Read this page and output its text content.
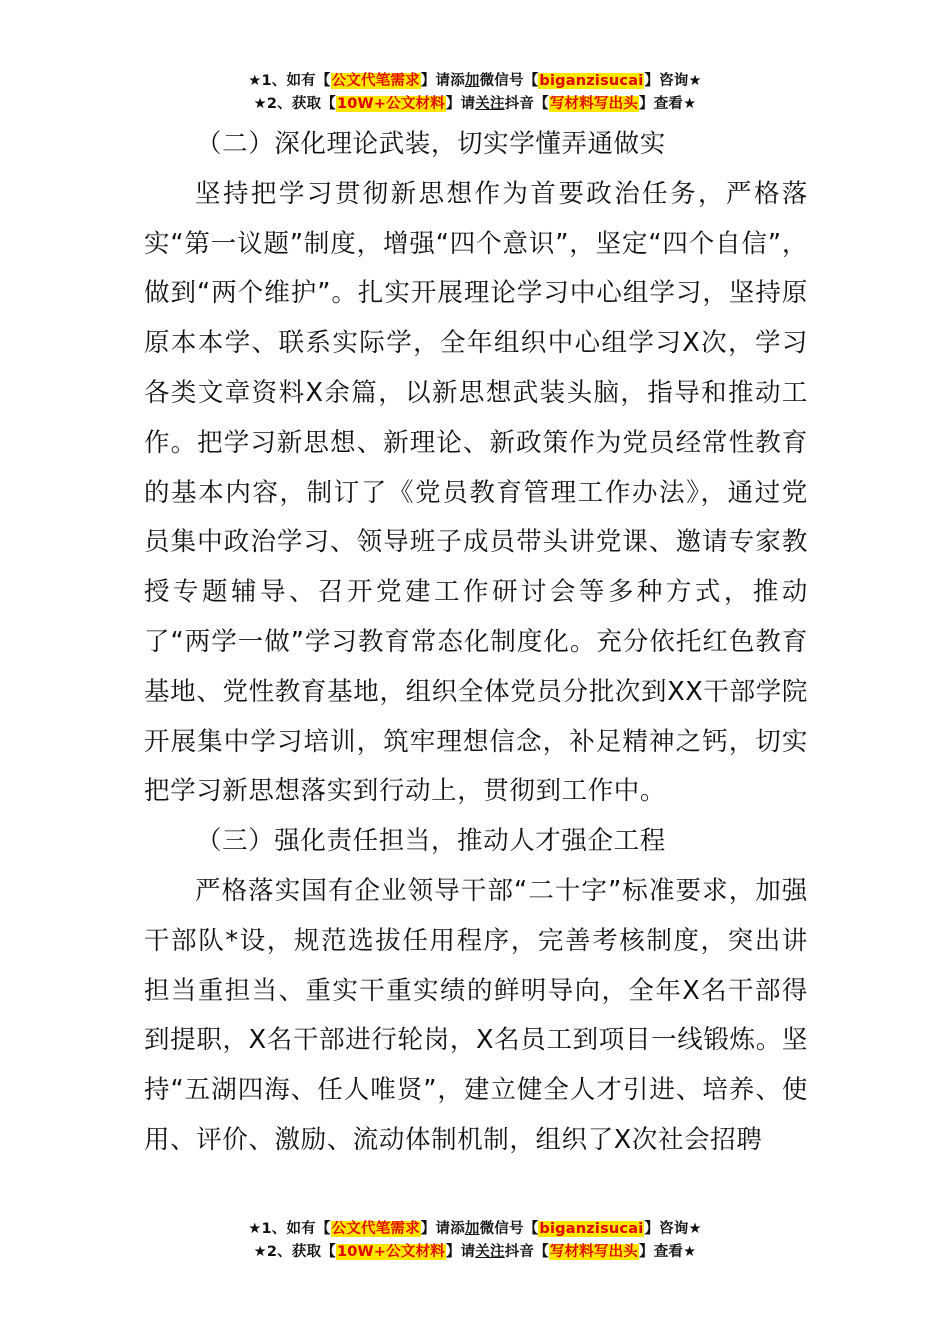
★1、如有【公文代笔需求】请添加微信号【biganzisucai】咨询★
★2、获取【10W+公文材料】请关注抖音【写材料写出头】查看★

（二）深化理论武装，切实学懂弄通做实

坚持把学习贯彻新思想作为首要政治任务，严格落实“第一议题”制度，增强“四个意识”，坚定“四个自信”，做到“两个维护”。扎实开展理论学习中心组学习，坚持原原本本学、联系实际学，全年组织中心组学习X次，学习各类文章资料X余篇，以新思想武装头脑，指导和推动工作。把学习新思想、新理论、新政策作为党员经常性教育的基本内容，制订了《党员教育管理工作办法》，通过党员集中政治学习、领导班子成员带头讲党课、邀请专家教授专题辅导、召开党建工作研讨会等多种方式，推动了“两学一做”学习教育常态化制度化。充分依托红色教育基地、党性教育基地，组织全体党员分批次到XX干部学院开展集中学习培训，筑牢理想信念，补足精神之钙，切实把学习新思想落实到行动上，贯彻到工作中。

（三）强化责任担当，推动人才强企工程

严格落实国有企业领导干部“二十字”标准要求，加强干部队*设，规范选拔任用程序，完善考核制度，突出讲担当重担当、重实干重实绩的鲜明导向，全年X名干部得到提职，X名干部进行轮岗，X名员工到项目一线锻炼。坚持“五湖四海、任人唯贤”，建立健全人才引进、培养、使用、评价、激励、流动体制机制，组织了X次社会招聘

★1、如有【公文代笔需求】请添加微信号【biganzisucai】咨询★
★2、获取【10W+公文材料】请关注抖音【写材料写出头】查看★
